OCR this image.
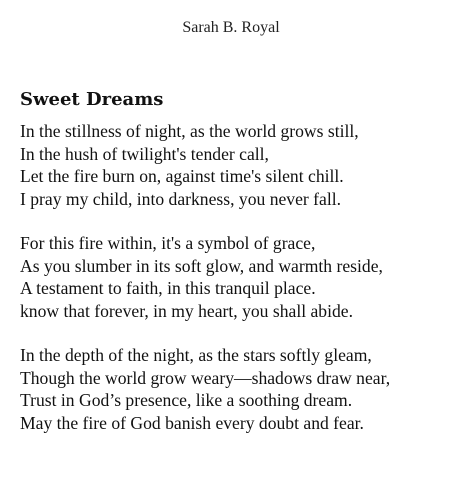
Sarah B. Royal
Sweet Dreams
In the stillness of night, as the world grows still,
In the hush of twilight's tender call,
Let the fire burn on, against time's silent chill.
I pray my child, into darkness, you never fall.
For this fire within, it's a symbol of grace,
As you slumber in its soft glow, and warmth reside,
A testament to faith, in this tranquil place.
know that forever, in my heart, you shall abide.
In the depth of the night, as the stars softly gleam,
Though the world grow weary—shadows draw near,
Trust in God’s presence, like a soothing dream.
May the fire of God banish every doubt and fear.
